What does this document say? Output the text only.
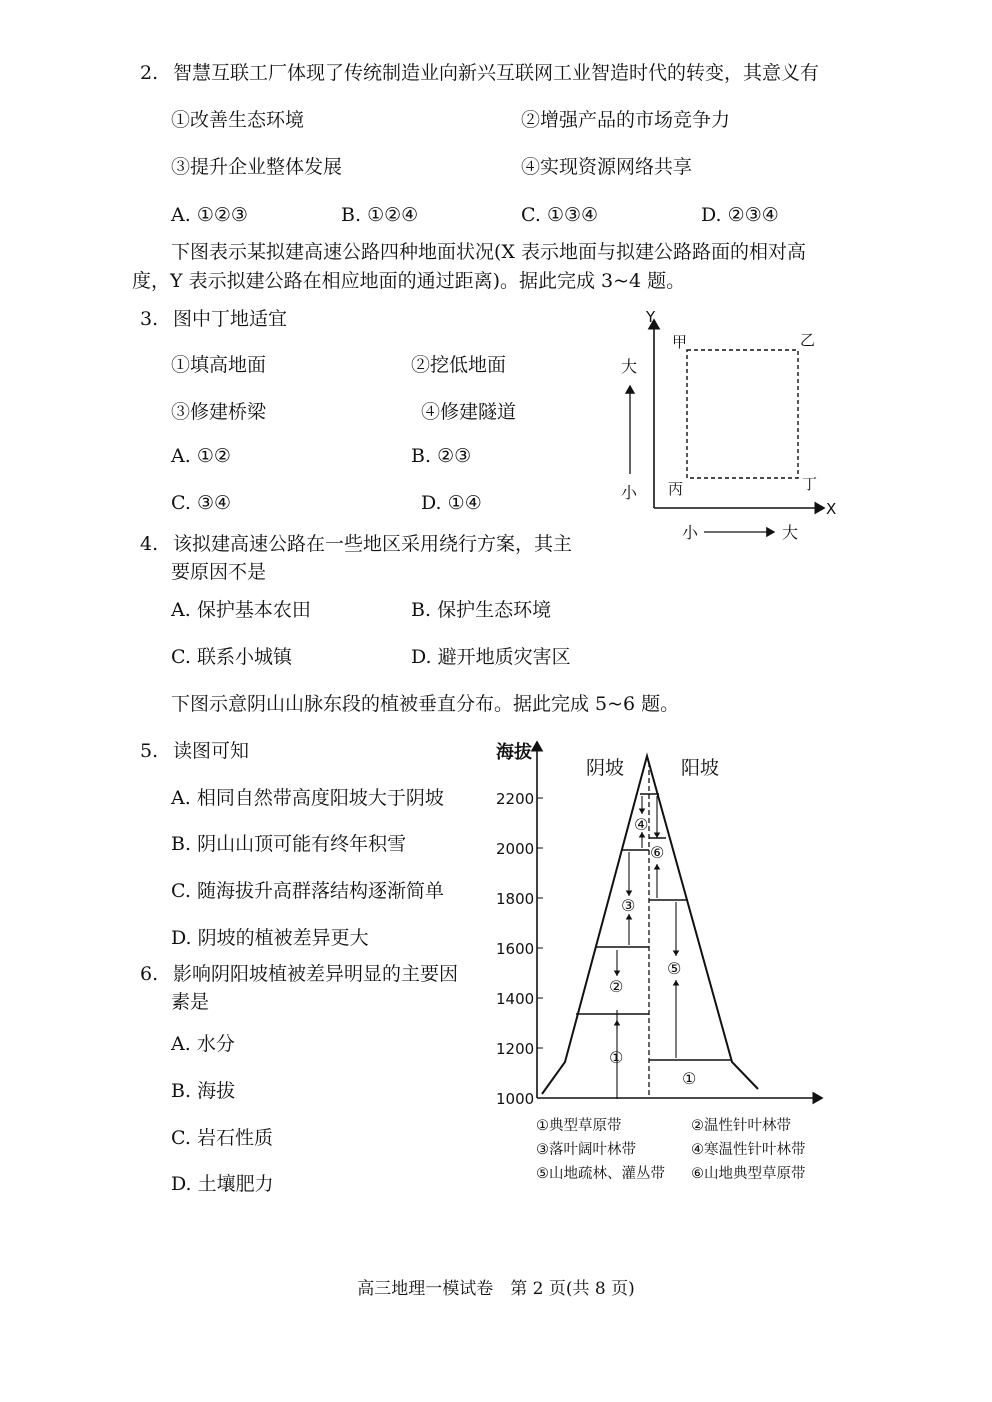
2. 智慧互联工厂体现了传统制造业向新兴互联网工业智造时代的转变，其意义有
①改善生态环境	②增强产品的市场竞争力
③提升企业整体发展	④实现资源网络共享
A. ①②③	B. ①②④	C. ①③④	D. ②③④
下图表示某拟建高速公路四种地面状况(X 表示地面与拟建公路路面的相对高
度，Y 表示拟建公路在相应地面的通过距离)。据此完成 3~4 题。
3. 图中丁地适宜
①填高地面	②挖低地面
③修建桥梁	④修建隧道
A. ①②	B. ②③
C. ③④	D. ①④
Y
X
大
小
小	大
甲	乙
丙	丁
4. 该拟建高速公路在一些地区采用绕行方案，其主
要原因不是
A. 保护基本农田	B. 保护生态环境
C. 联系小城镇	D. 避开地质灾害区
下图示意阴山山脉东段的植被垂直分布。据此完成 5~6 题。
5. 读图可知
A. 相同自然带高度阳坡大于阴坡
B. 阴山山顶可能有终年积雪
C. 随海拔升高群落结构逐渐简单
D. 阴坡的植被差异更大
6. 影响阴阳坡植被差异明显的主要因
素是
A. 水分
B. 海拔
C. 岩石性质
D. 土壤肥力
海拔
阴坡	阳坡
2200
2000
1800
1600
1400
1200
1000
①
②
③
④
⑤
⑥
①
①典型草原带	②温性针叶林带
③落叶阔叶林带	④寒温性针叶林带
⑤山地疏林、灌丛带 ⑥山地典型草原带
高三地理一模试卷　第 2 页(共 8 页)
